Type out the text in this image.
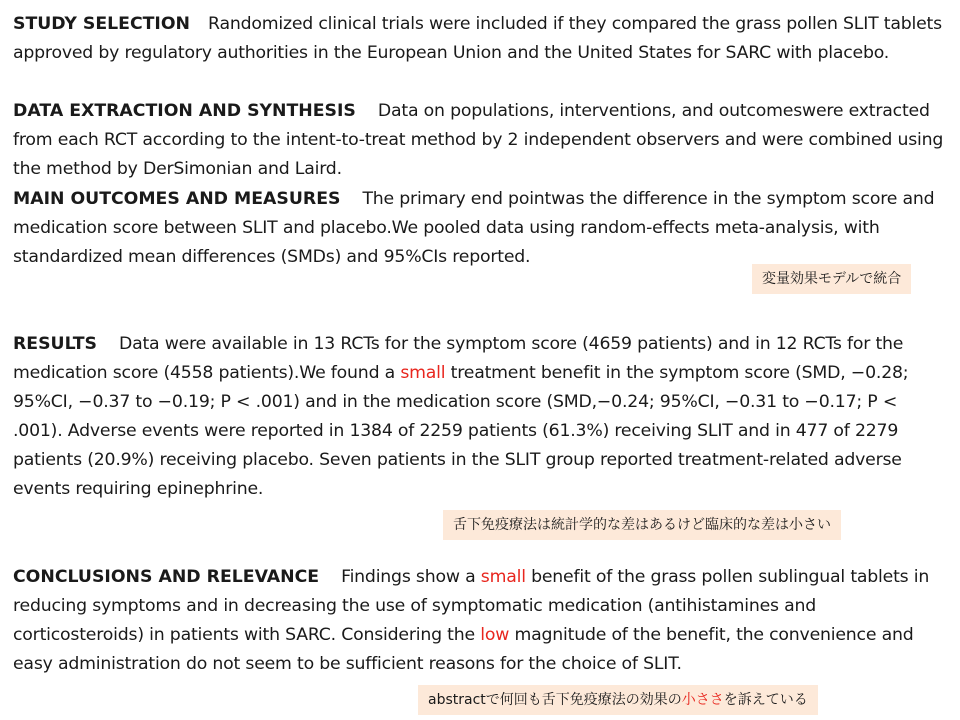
STUDY SELECTION Randomized clinical trials were included if they compared the grass pollen SLIT tablets approved by regulatory authorities in the European Union and the United States for SARC with placebo.

DATA EXTRACTION AND SYNTHESIS Data on populations, interventions, and outcomeswere extracted from each RCT according to the intent-to-treat method by 2 independent observers and were combined using the method by DerSimonian and Laird.

MAIN OUTCOMES AND MEASURES The primary end pointwas the difference in the symptom score and medication score between SLIT and placebo.We pooled data using random-effects meta-analysis, with standardized mean differences (SMDs) and 95%CIs reported.

変量効果モデルで統合

RESULTS Data were available in 13 RCTs for the symptom score (4659 patients) and in 12 RCTs for the medication score (4558 patients).We found a small treatment benefit in the symptom score (SMD, −0.28; 95%CI, −0.37 to −0.19; P < .001) and in the medication score (SMD,−0.24; 95%CI, −0.31 to −0.17; P < .001). Adverse events were reported in 1384 of 2259 patients (61.3%) receiving SLIT and in 477 of 2279 patients (20.9%) receiving placebo. Seven patients in the SLIT group reported treatment-related adverse events requiring epinephrine.

舌下免疫療法は統計学的な差はあるけど臨床的な差は小さい

CONCLUSIONS AND RELEVANCE Findings show a small benefit of the grass pollen sublingual tablets in reducing symptoms and in decreasing the use of symptomatic medication (antihistamines and corticosteroids) in patients with SARC. Considering the low magnitude of the benefit, the convenience and easy administration do not seem to be sufficient reasons for the choice of SLIT.

abstractで何回も舌下免疫療法の効果の小ささを訴えている
